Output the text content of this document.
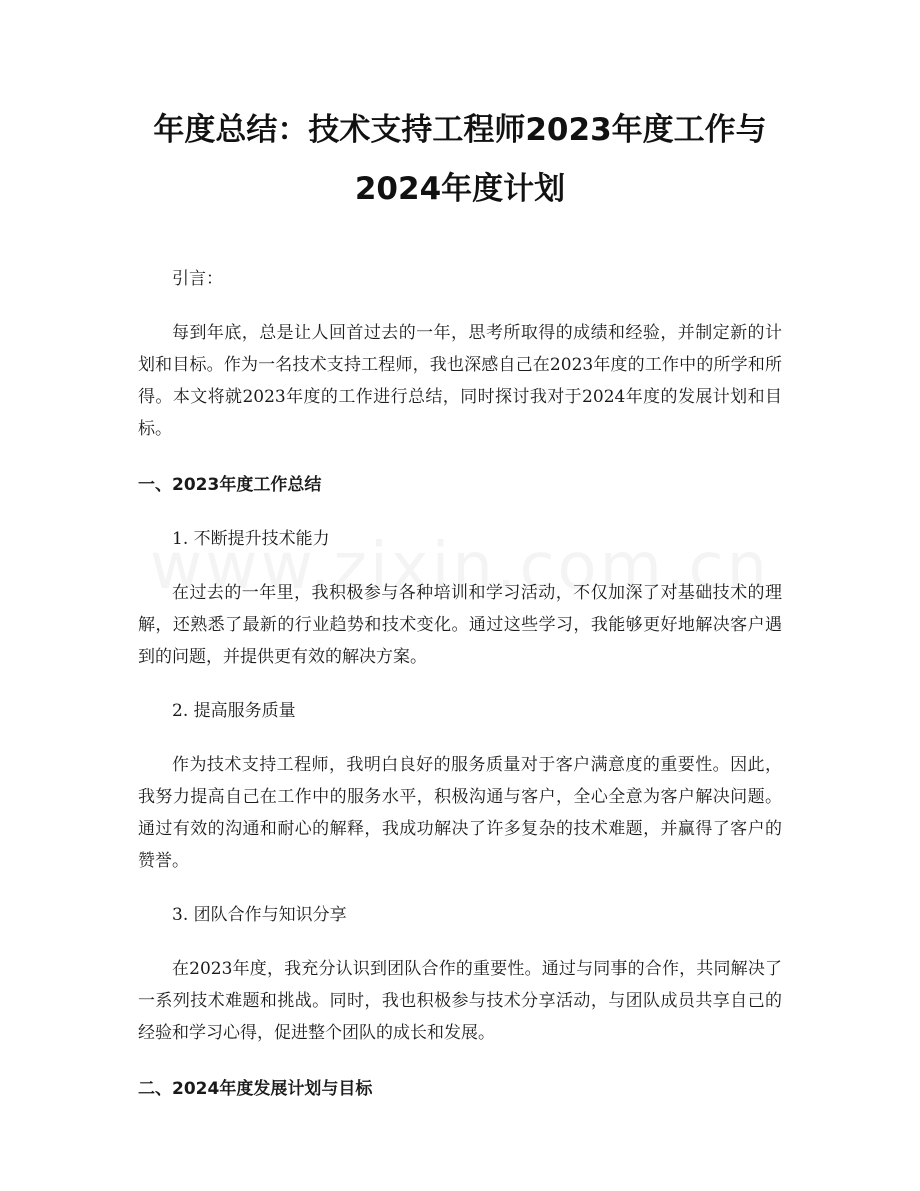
年度总结：技术支持工程师2023年度工作与
2024年度计划

引言：

每到年底，总是让人回首过去的一年，思考所取得的成绩和经验，并制定新的计划和目标。作为一名技术支持工程师，我也深感自己在2023年度的工作中的所学和所得。本文将就2023年度的工作进行总结，同时探讨我对于2024年度的发展计划和目标。

一、2023年度工作总结

1. 不断提升技术能力

在过去的一年里，我积极参与各种培训和学习活动，不仅加深了对基础技术的理解，还熟悉了最新的行业趋势和技术变化。通过这些学习，我能够更好地解决客户遇到的问题，并提供更有效的解决方案。

2. 提高服务质量

作为技术支持工程师，我明白良好的服务质量对于客户满意度的重要性。因此，我努力提高自己在工作中的服务水平，积极沟通与客户，全心全意为客户解决问题。通过有效的沟通和耐心的解释，我成功解决了许多复杂的技术难题，并赢得了客户的赞誉。

3. 团队合作与知识分享

在2023年度，我充分认识到团队合作的重要性。通过与同事的合作，共同解决了一系列技术难题和挑战。同时，我也积极参与技术分享活动，与团队成员共享自己的经验和学习心得，促进整个团队的成长和发展。

二、2024年度发展计划与目标
